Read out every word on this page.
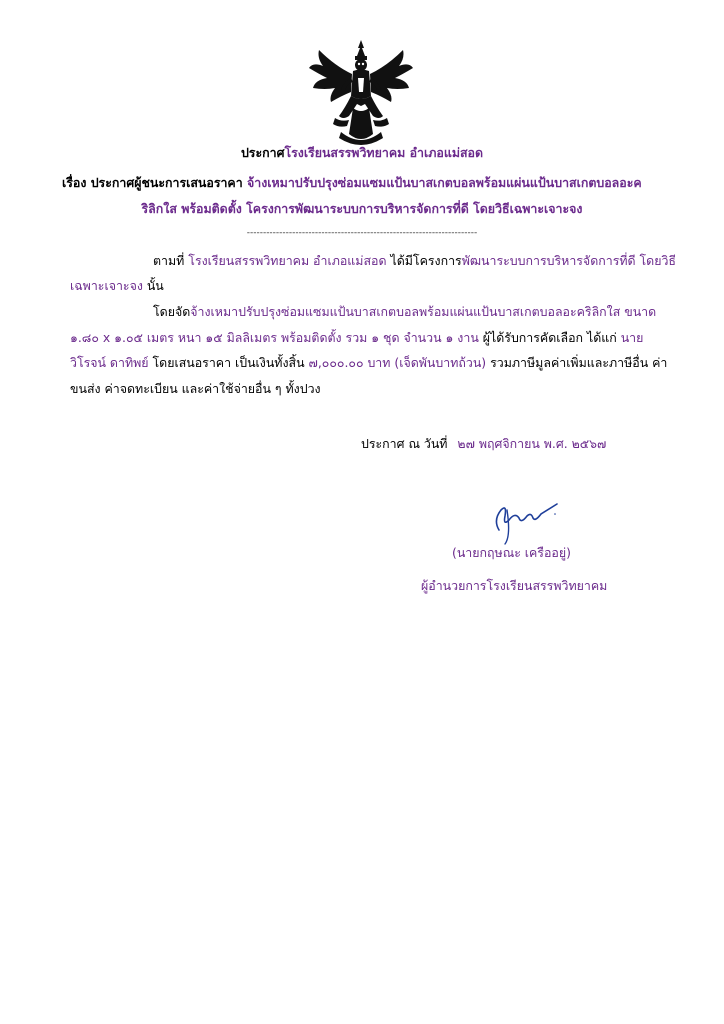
ประกาศโรงเรียนสรรพวิทยาคม อำเภอแม่สอด
เรื่อง ประกาศผู้ชนะการเสนอราคา จ้างเหมาปรับปรุงซ่อมแซมแป้นบาสเกตบอลพร้อมแผ่นแป้นบาสเกตบอลอะค
ริลิกใส พร้อมติดตั้ง โครงการพัฒนาระบบการบริหารจัดการที่ดี โดยวิธีเฉพาะเจาะจง
-----------------------------------------------------------------------
ตามที่ โรงเรียนสรรพวิทยาคม อำเภอแม่สอด ได้มีโครงการพัฒนาระบบการบริหารจัดการที่ดี โดยวิธี
เฉพาะเจาะจง นั้น
โดยจัดจ้างเหมาปรับปรุงซ่อมแซมแป้นบาสเกตบอลพร้อมแผ่นแป้นบาสเกตบอลอะคริลิกใส ขนาด
๑.๘๐ x ๑.๐๕ เมตร หนา ๑๕ มิลลิเมตร พร้อมติดตั้ง รวม ๑ ชุด จำนวน ๑ งาน ผู้ได้รับการคัดเลือก ได้แก่ นาย
วิโรจน์ ดาทิพย์ โดยเสนอราคา เป็นเงินทั้งสิ้น ๗,๐๐๐.๐๐ บาท (เจ็ดพันบาทถ้วน) รวมภาษีมูลค่าเพิ่มและภาษีอื่น ค่า
ขนส่ง ค่าจดทะเบียน และค่าใช้จ่ายอื่น ๆ ทั้งปวง
ประกาศ ณ วันที่ ๒๗ พฤศจิกายน พ.ศ. ๒๕๖๗
(นายกฤษณะ เครืออยู่)
ผู้อำนวยการโรงเรียนสรรพวิทยาคม
